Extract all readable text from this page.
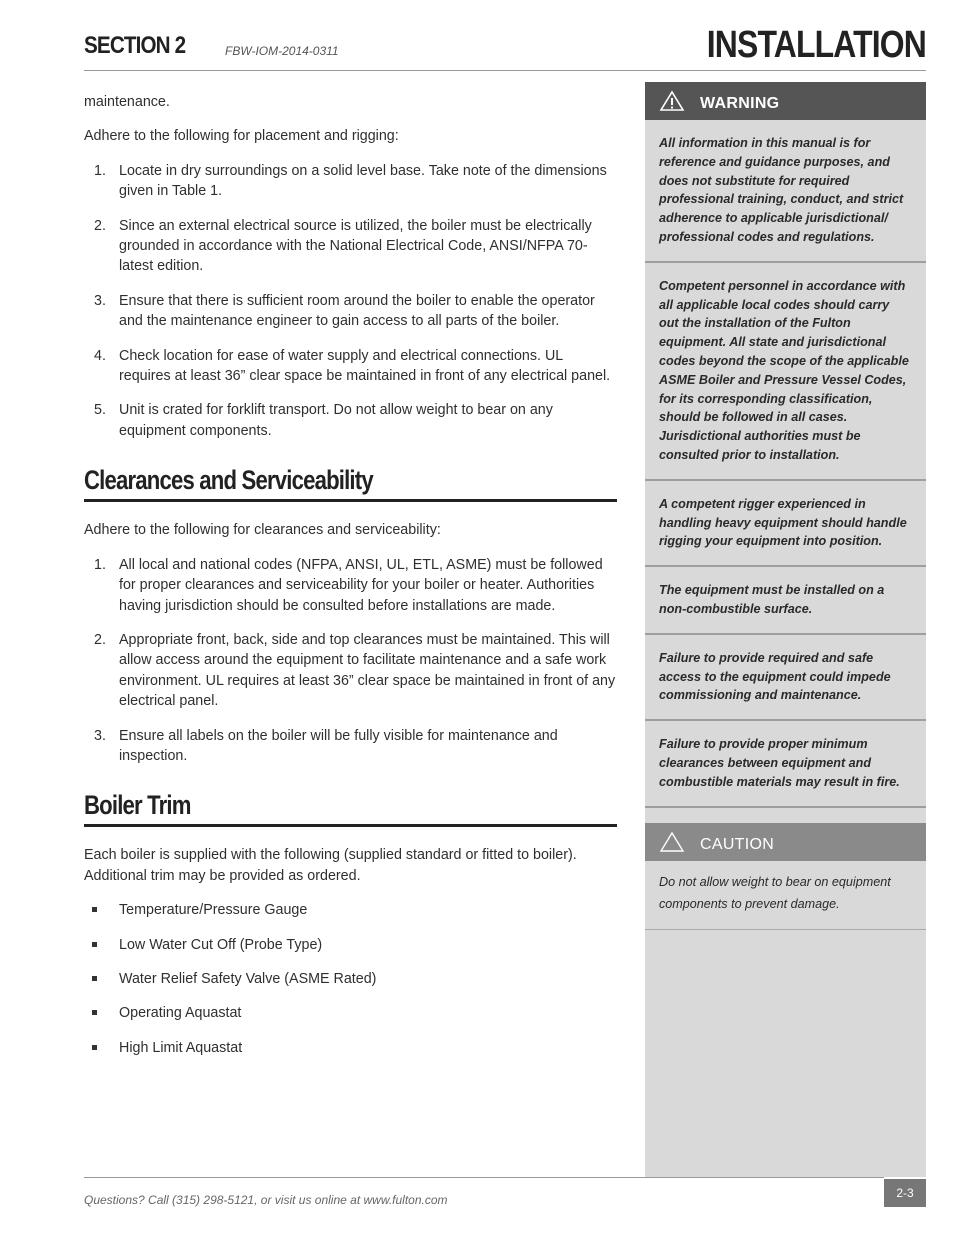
SECTION 2	FBW-IOM-2014-0311	INSTALLATION

maintenance.

Adhere to the following for placement and rigging:

1. Locate in dry surroundings on a solid level base. Take note of the dimensions given in Table 1.
2. Since an external electrical source is utilized, the boiler must be electrically grounded in accordance with the National Electrical Code, ANSI/NFPA 70-latest edition.
3. Ensure that there is sufficient room around the boiler to enable the operator and the maintenance engineer to gain access to all parts of the boiler.
4. Check location for ease of water supply and electrical connections. UL requires at least 36” clear space be maintained in front of any electrical panel.
5. Unit is crated for forklift transport. Do not allow weight to bear on any equipment components.
Clearances and Serviceability

Adhere to the following for clearances and serviceability:

1. All local and national codes (NFPA, ANSI, UL, ETL, ASME) must be followed for proper clearances and serviceability for your boiler or heater. Authorities having jurisdiction should be consulted before installations are made.
2. Appropriate front, back, side and top clearances must be maintained. This will allow access around the equipment to facilitate maintenance and a safe work environment. UL requires at least 36” clear space be maintained in front of any electrical panel.
3. Ensure all labels on the boiler will be fully visible for maintenance and inspection.
Boiler Trim

Each boiler is supplied with the following (supplied standard or fitted to boiler). Additional trim may be provided as ordered.

Temperature/Pressure Gauge
Low Water Cut Off (Probe Type)
Water Relief Safety Valve (ASME Rated)
Operating Aquastat
High Limit Aquastat
WARNING
All information in this manual is for reference and guidance purposes, and does not substitute for required professional training, conduct, and strict adherence to applicable jurisdictional/ professional codes and regulations.
Competent personnel in accordance with all applicable local codes should carry out the installation of the Fulton equipment. All state and jurisdictional codes beyond the scope of the applicable ASME Boiler and Pressure Vessel Codes, for its corresponding classification, should be followed in all cases. Jurisdictional authorities must be consulted prior to installation.
A competent rigger experienced in handling heavy equipment should handle rigging your equipment into position.
The equipment must be installed on a non-combustible surface.
Failure to provide required and safe access to the equipment could impede commissioning and maintenance.
Failure to provide proper minimum clearances between equipment and combustible materials may result in fire.
CAUTION
Do not allow weight to bear on equipment components to prevent damage.
Questions? Call (315) 298-5121, or visit us online at www.fulton.com	2-3
